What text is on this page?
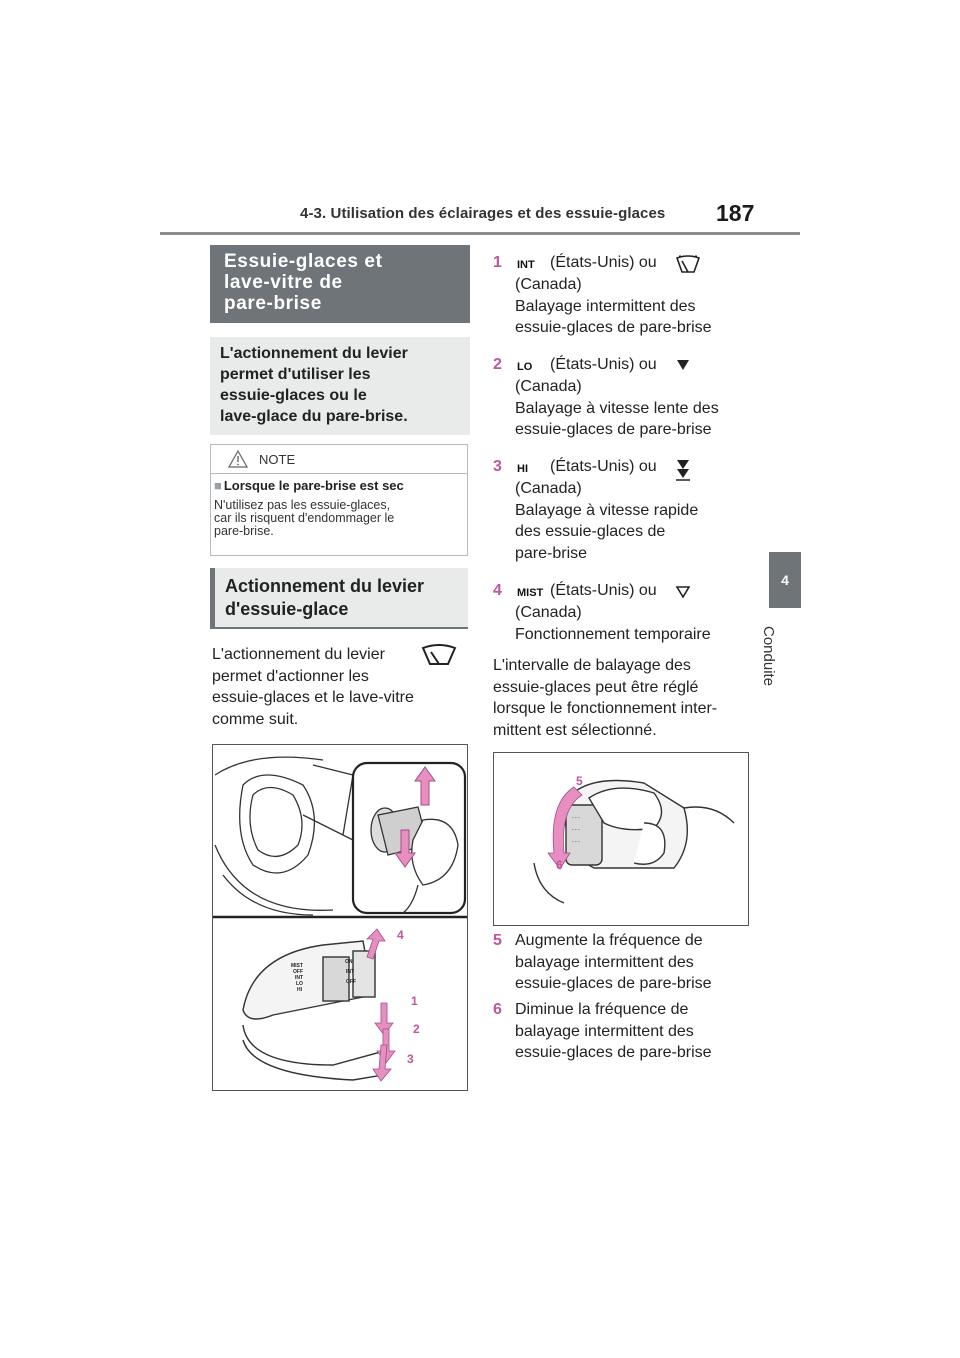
4-3. Utilisation des éclairages et des essuie-glaces 187
4
Conduite
Essuie-glaces et
lave-vitre de
pare-brise
L'actionnement du levier
permet d'utiliser les
essuie-glaces ou le
lave-glace du pare-brise.
NOTE
■ Lorsque le pare-brise est sec
N'utilisez pas les essuie-glaces,
car ils risquent d'endommager le
pare-brise.
Actionnement du levier
d'essuie-glace
L'actionnement du levier
permet d'actionner les
essuie-glaces et le lave-vitre
comme suit.
MIST
OFF
INT
LO
HI
ON
INT
OFF
4
1
2
3
1 INT (États-Unis) ou
(Canada)
Balayage intermittent des
essuie-glaces de pare-brise
2 LO (États-Unis) ou
(Canada)
Balayage à vitesse lente des
essuie-glaces de pare-brise
3 HI (États-Unis) ou
(Canada)
Balayage à vitesse rapide
des essuie-glaces de
pare-brise
4 MIST (États-Unis) ou
(Canada)
Fonctionnement temporaire
L'intervalle de balayage des
essuie-glaces peut être réglé
lorsque le fonctionnement inter-
mittent est sélectionné.
- - -
- - -
- - -
5
6
5 Augmente la fréquence de
balayage intermittent des
essuie-glaces de pare-brise
6 Diminue la fréquence de
balayage intermittent des
essuie-glaces de pare-brise
